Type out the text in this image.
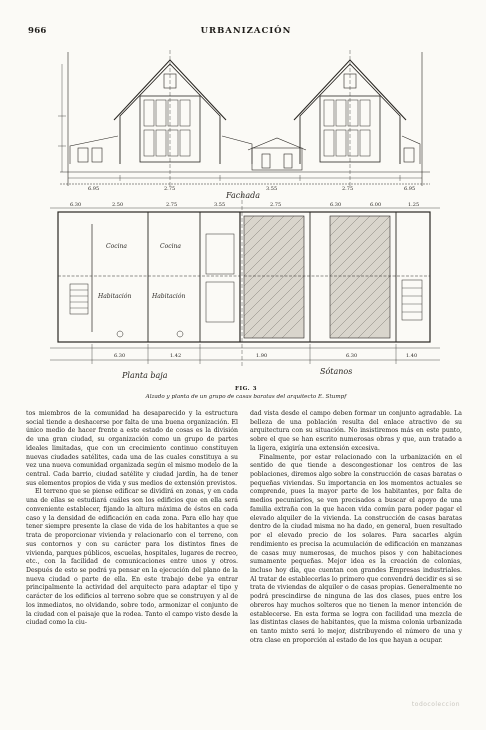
966	URBANIZACIÓN
Fachada
Planta baja	Sótanos
Cocina	Cocina
Habitación	Habitación
6.95	2.75	3.55	2.75	6.95
6.30	2.50	2.75	3.55	2.75	6.30	6.00	1.25
6.30	1.42	1.90	6.30	1.40
FIG. 3
Alzado y planta de un grupo de casas baratas del arquitecto E. Stumpf

tos miembros de la comunidad ha desaparecido y la estructura social tiende a deshacerse por falta de una buena organización. El único medio de hacer frente a este estado de cosas es la división de una gran ciudad, su organización como un grupo de partes ideales limitadas, que con un crecimiento continuo constituyen nuevas ciudades satélites, cada una de las cuales constituya a su vez una nueva comunidad organizada según el mismo modelo de la central. Cada barrio, ciudad satélite y ciudad jardín, ha de tener sus elementos propios de vida y sus medios de extensión previstos.

El terreno que se piense edificar se dividirá en zonas, y en cada una de ellas se estudiará cuáles son los edificios que en ella será conveniente establecer, fijando la altura máxima de éstos en cada caso y la densidad de edificación en cada zona. Para ello hay que tener siempre presente la clase de vida de los habitantes a que se trata de proporcionar vivienda y relacionarlo con el terreno, con sus contornos y con su carácter para los distintos fines de vivienda, parques públicos, escuelas, hospitales, lugares de recreo, etc., con la facilidad de comunicaciones entre unos y otros. Después de esto se podrá ya pensar en la ejecución del plano de la nueva ciudad o parte de ella. En este trabajo debe ya entrar principalmente la actividad del arquitecto para adaptar el tipo y carácter de los edificios al terreno sobre que se construyen y al de los inmediatos, no olvidando, sobre todo, armonizar el conjunto de la ciudad con el paisaje que la rodea. Tanto el campo visto desde la ciudad como la ciu-

dad vista desde el campo deben formar un conjunto agradable. La belleza de una población resulta del enlace atractivo de su arquitectura con su situación. No insistiremos más en este punto, sobre el que se han escrito numerosas obras y que, aun tratado a la ligera, exigiría una extensión excesiva.

Finalmente, por estar relacionado con la urbanización en el sentido de que tiende a descongestionar los centros de las poblaciones, diremos algo sobre la construcción de casas baratas o pequeñas viviendas. Su importancia en los momentos actuales se comprende, pues la mayor parte de los habitantes, por falta de medios pecuniarios, se ven precisados a buscar el apoyo de una familia extraña con la que hacen vida común para poder pagar el elevado alquiler de la vivienda. La construcción de casas baratas dentro de la ciudad misma no ha dado, en general, buen resultado por el elevado precio de los solares. Para sacarles algún rendimiento es precisa la acumulación de edificación en manzanas de casas muy numerosas, de muchos pisos y con habitaciones sumamente pequeñas. Mejor idea es la creación de colonias, incluso hoy día, que cuentan con grandes Empresas industriales. Al tratar de establecerlas lo primero que convendrá decidir es si se trata de viviendas de alquiler o de casas propias. Generalmente no podrá prescindirse de ninguna de las dos clases, pues entre los obreros hay muchos solteros que no tienen la menor intención de establecerse. En esta forma se logra con facilidad una mezcla de las distintas clases de habitantes, que la misma colonia urbanizada en tanto mixto será lo mejor, distribuyendo el número de una y otra clase en proporción al estado de los que hayan a ocupar.

todocoleccion
